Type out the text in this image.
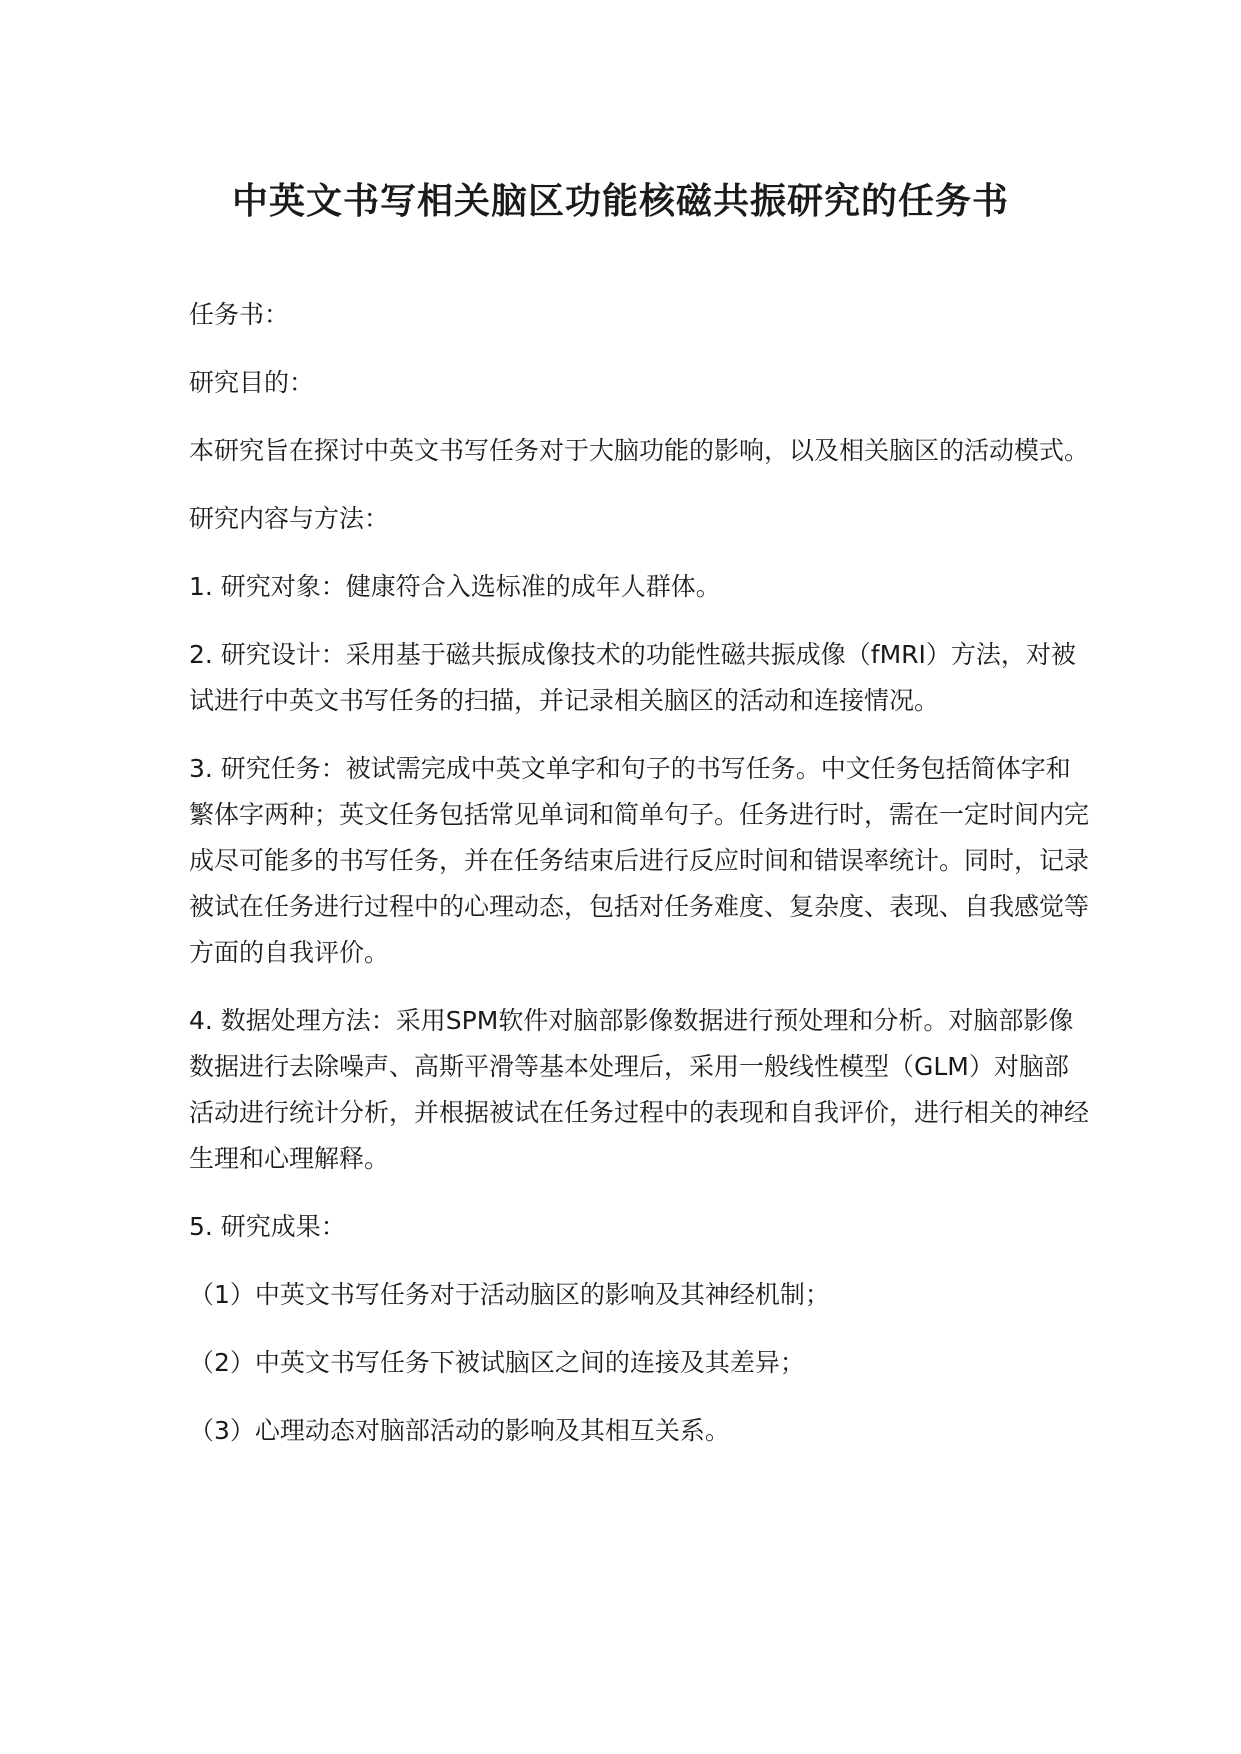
中英文书写相关脑区功能核磁共振研究的任务书

任务书：

研究目的：

本研究旨在探讨中英文书写任务对于大脑功能的影响，以及相关脑区的活动模式。

研究内容与方法：

1. 研究对象：健康符合入选标准的成年人群体。

2. 研究设计：采用基于磁共振成像技术的功能性磁共振成像（fMRI）方法，对被试进行中英文书写任务的扫描，并记录相关脑区的活动和连接情况。

3. 研究任务：被试需完成中英文单字和句子的书写任务。中文任务包括简体字和繁体字两种；英文任务包括常见单词和简单句子。任务进行时，需在一定时间内完成尽可能多的书写任务，并在任务结束后进行反应时间和错误率统计。同时，记录被试在任务进行过程中的心理动态，包括对任务难度、复杂度、表现、自我感觉等方面的自我评价。

4. 数据处理方法：采用SPM软件对脑部影像数据进行预处理和分析。对脑部影像数据进行去除噪声、高斯平滑等基本处理后，采用一般线性模型（GLM）对脑部活动进行统计分析，并根据被试在任务过程中的表现和自我评价，进行相关的神经生理和心理解释。

5. 研究成果：

（1）中英文书写任务对于活动脑区的影响及其神经机制；

（2）中英文书写任务下被试脑区之间的连接及其差异；

（3）心理动态对脑部活动的影响及其相互关系。
